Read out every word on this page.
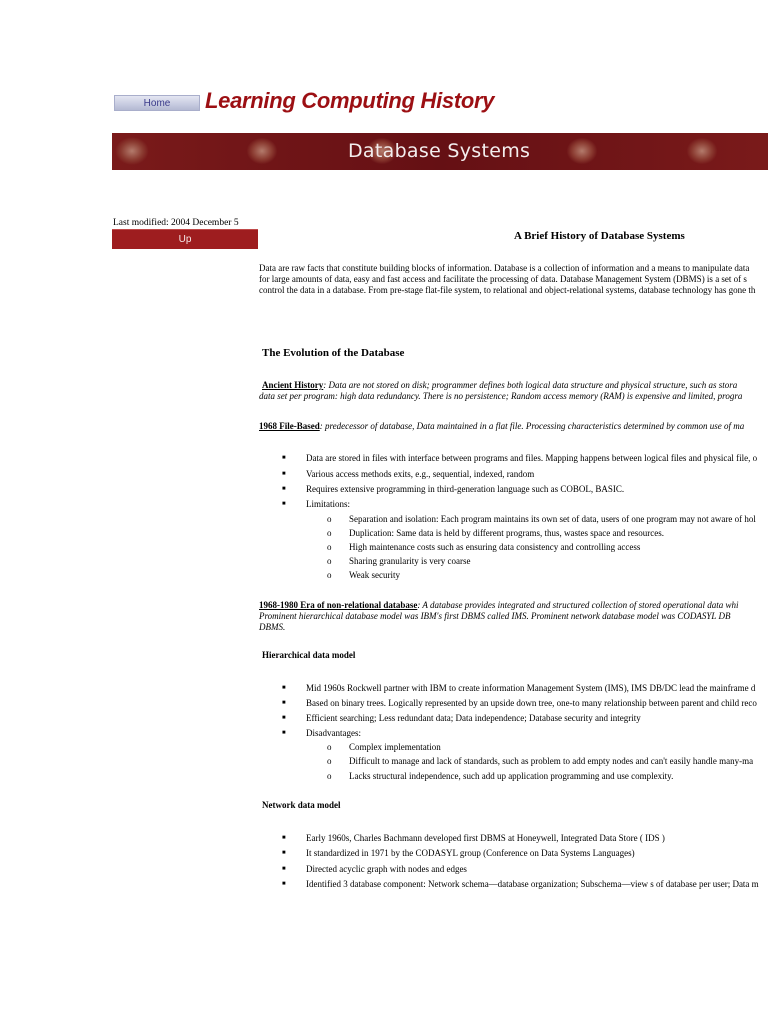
Home	Learning Computing History
Database Systems
Last modified: 2004 December 5
Up	A Brief History of Database Systems
Data are raw facts that constitute building blocks of information. Database is a collection of information and a means to manipulate data
for large amounts of data, easy and fast access and facilitate the processing of data. Database Management System (DBMS) is a set of s
control the data in a database. From pre-stage flat-file system, to relational and object-relational systems, database technology has gone th
The Evolution of the Database
Ancient History: Data are not stored on disk; programmer defines both logical data structure and physical structure, such as stora
data set per program: high data redundancy. There is no persistence; Random access memory (RAM) is expensive and limited, progra
1968 File-Based: predecessor of database, Data maintained in a flat file. Processing characteristics determined by common use of ma
Data are stored in files with interface between programs and files. Mapping happens between logical files and physical file, o
Various access methods exits, e.g., sequential, indexed, random
Requires extensive programming in third-generation language such as COBOL, BASIC.
Limitations:
Separation and isolation: Each program maintains its own set of data, users of one program may not aware of hol
Duplication: Same data is held by different programs, thus, wastes space and resources.
High maintenance costs such as ensuring data consistency and controlling access
Sharing granularity is very coarse
Weak security
1968-1980 Era of non-relational database: A database provides integrated and structured collection of stored operational data whi
Prominent hierarchical database model was IBM's first DBMS called IMS. Prominent network database model was CODASYL DB
DBMS.
Hierarchical data model
Mid 1960s Rockwell partner with IBM to create information Management System (IMS), IMS DB/DC lead the mainframe d
Based on binary trees. Logically represented by an upside down tree, one-to many relationship between parent and child reco
Efficient searching; Less redundant data; Data independence; Database security and integrity
Disadvantages:
Complex implementation
Difficult to manage and lack of standards, such as problem to add empty nodes and can't easily handle many-ma
Lacks structural independence, such add up application programming and use complexity.
Network data model
Early 1960s, Charles Bachmann developed first DBMS at Honeywell, Integrated Data Store ( IDS )
It standardized in 1971 by the CODASYL group (Conference on Data Systems Languages)
Directed acyclic graph with nodes and edges
Identified 3 database component: Network schema—database organization; Subschema—view s of database per user; Data m
